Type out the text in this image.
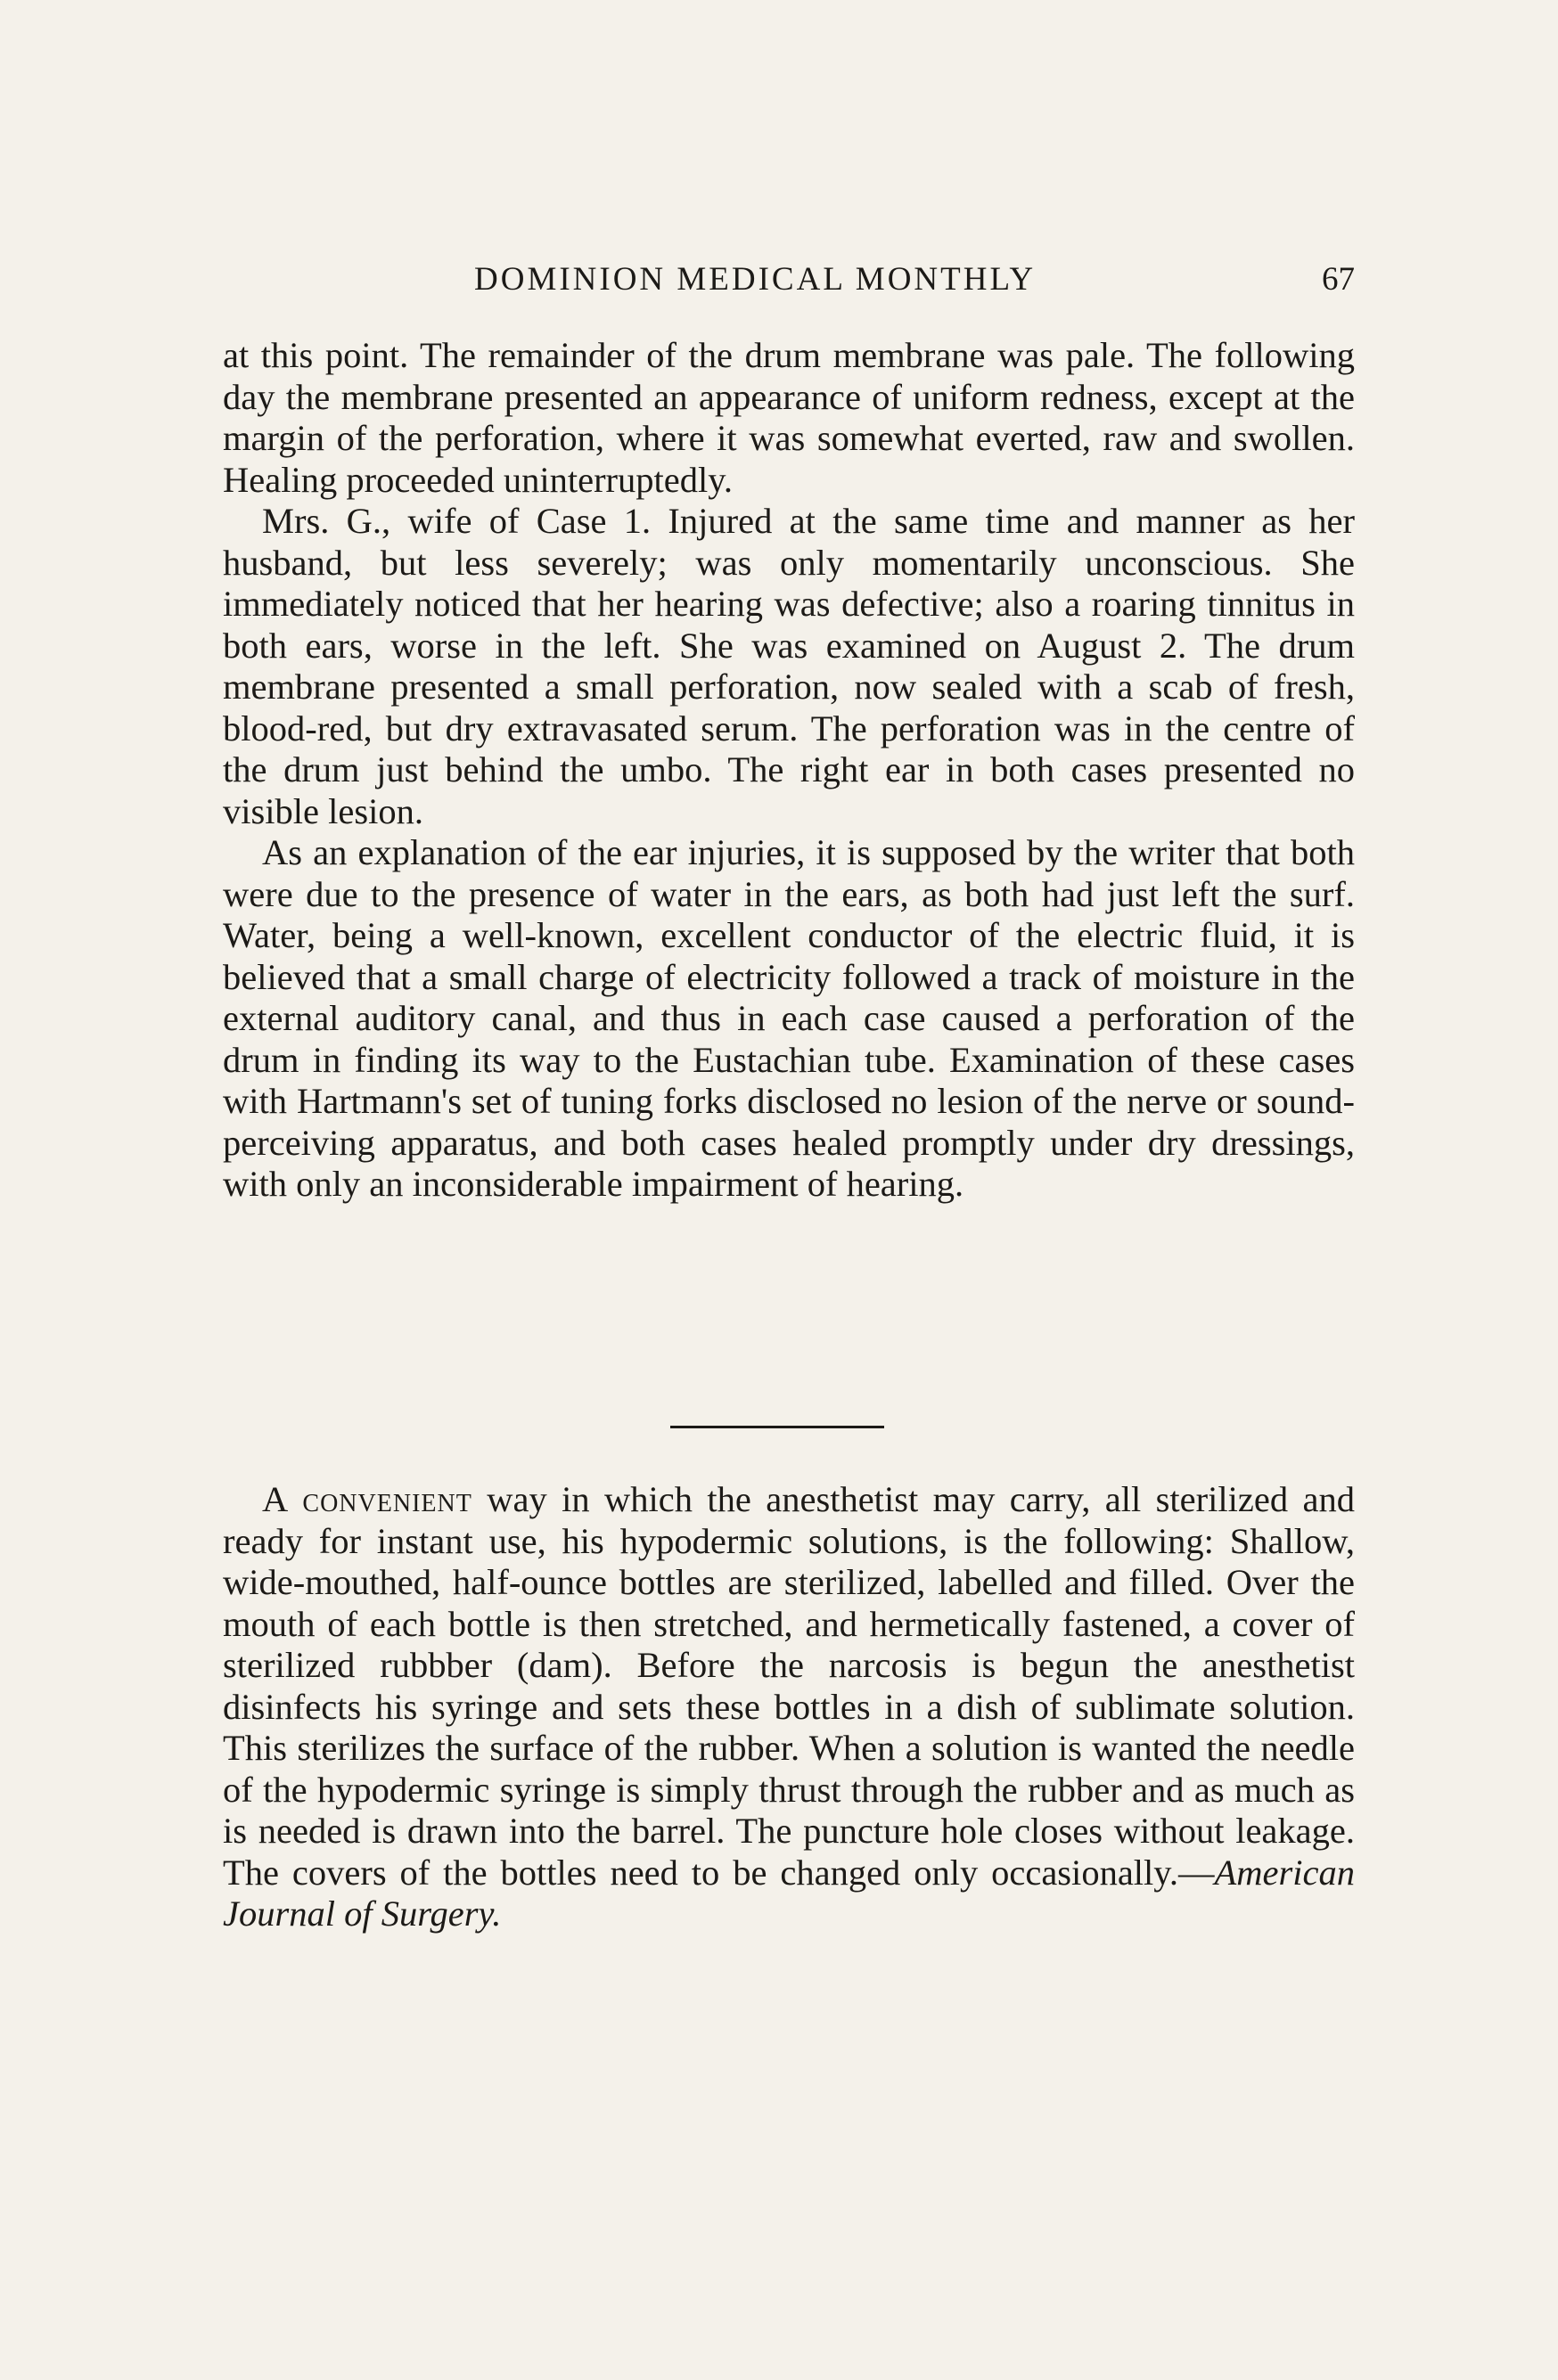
DOMINION MEDICAL MONTHLY	67

at this point. The remainder of the drum membrane was pale. The following day the membrane presented an appearance of uniform redness, except at the margin of the perforation, where it was somewhat everted, raw and swollen. Healing proceeded uninterruptedly.

Mrs. G., wife of Case 1. Injured at the same time and manner as her husband, but less severely; was only momentarily unconscious. She immediately noticed that her hearing was defective; also a roaring tinnitus in both ears, worse in the left. She was examined on August 2. The drum membrane presented a small perforation, now sealed with a scab of fresh, blood-red, but dry extravasated serum. The perforation was in the centre of the drum just behind the umbo. The right ear in both cases presented no visible lesion.

As an explanation of the ear injuries, it is supposed by the writer that both were due to the presence of water in the ears, as both had just left the surf. Water, being a well-known, excellent conductor of the electric fluid, it is believed that a small charge of electricity followed a track of moisture in the external auditory canal, and thus in each case caused a perforation of the drum in finding its way to the Eustachian tube. Examination of these cases with Hartmann's set of tuning forks disclosed no lesion of the nerve or sound-perceiving apparatus, and both cases healed promptly under dry dressings, with only an inconsiderable impairment of hearing.

A convenient way in which the anesthetist may carry, all sterilized and ready for instant use, his hypodermic solutions, is the following: Shallow, wide-mouthed, half-ounce bottles are sterilized, labelled and filled. Over the mouth of each bottle is then stretched, and hermetically fastened, a cover of sterilized rubbber (dam). Before the narcosis is begun the anesthetist disinfects his syringe and sets these bottles in a dish of sublimate solution. This sterilizes the surface of the rubber. When a solution is wanted the needle of the hypodermic syringe is simply thrust through the rubber and as much as is needed is drawn into the barrel. The puncture hole closes without leakage. The covers of the bottles need to be changed only occasionally.—American Journal of Surgery.
